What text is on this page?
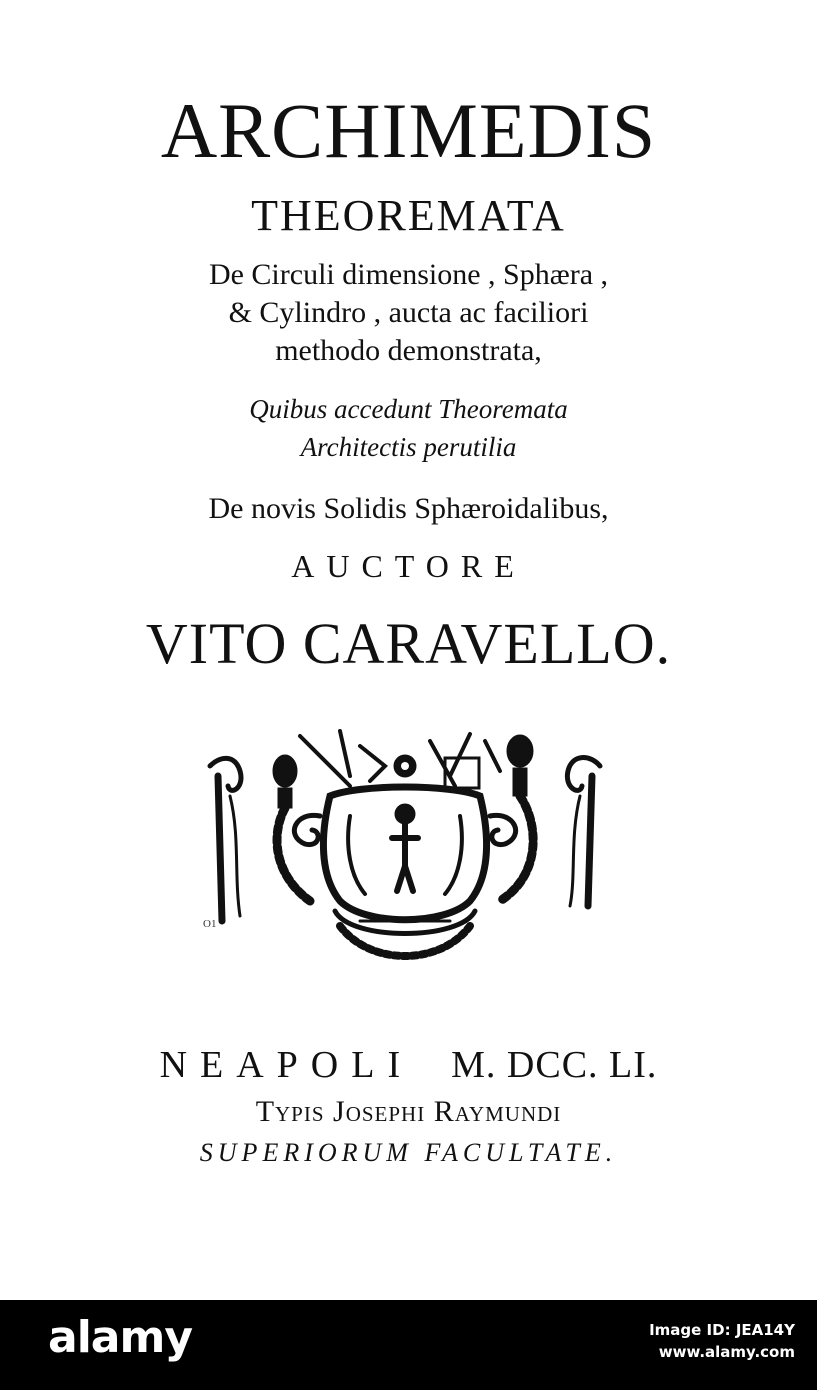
ARCHIMEDIS
THEOREMATA
De Circuli dimensione , Sphæra ,
& Cylindro , aucta ac faciliori
methodo demonstrata,
Quibus accedunt Theoremata
Architectis perutilia
De novis Solidis Sphæroidalibus,
AUCTORE
VITO CARAVELLO.
O1
NEAPOLI M. DCC. LI.
Typis Josephi Raymundi
SUPERIORUM FACULTATE.
alamy	Image ID: JEA14Y
www.alamy.com
